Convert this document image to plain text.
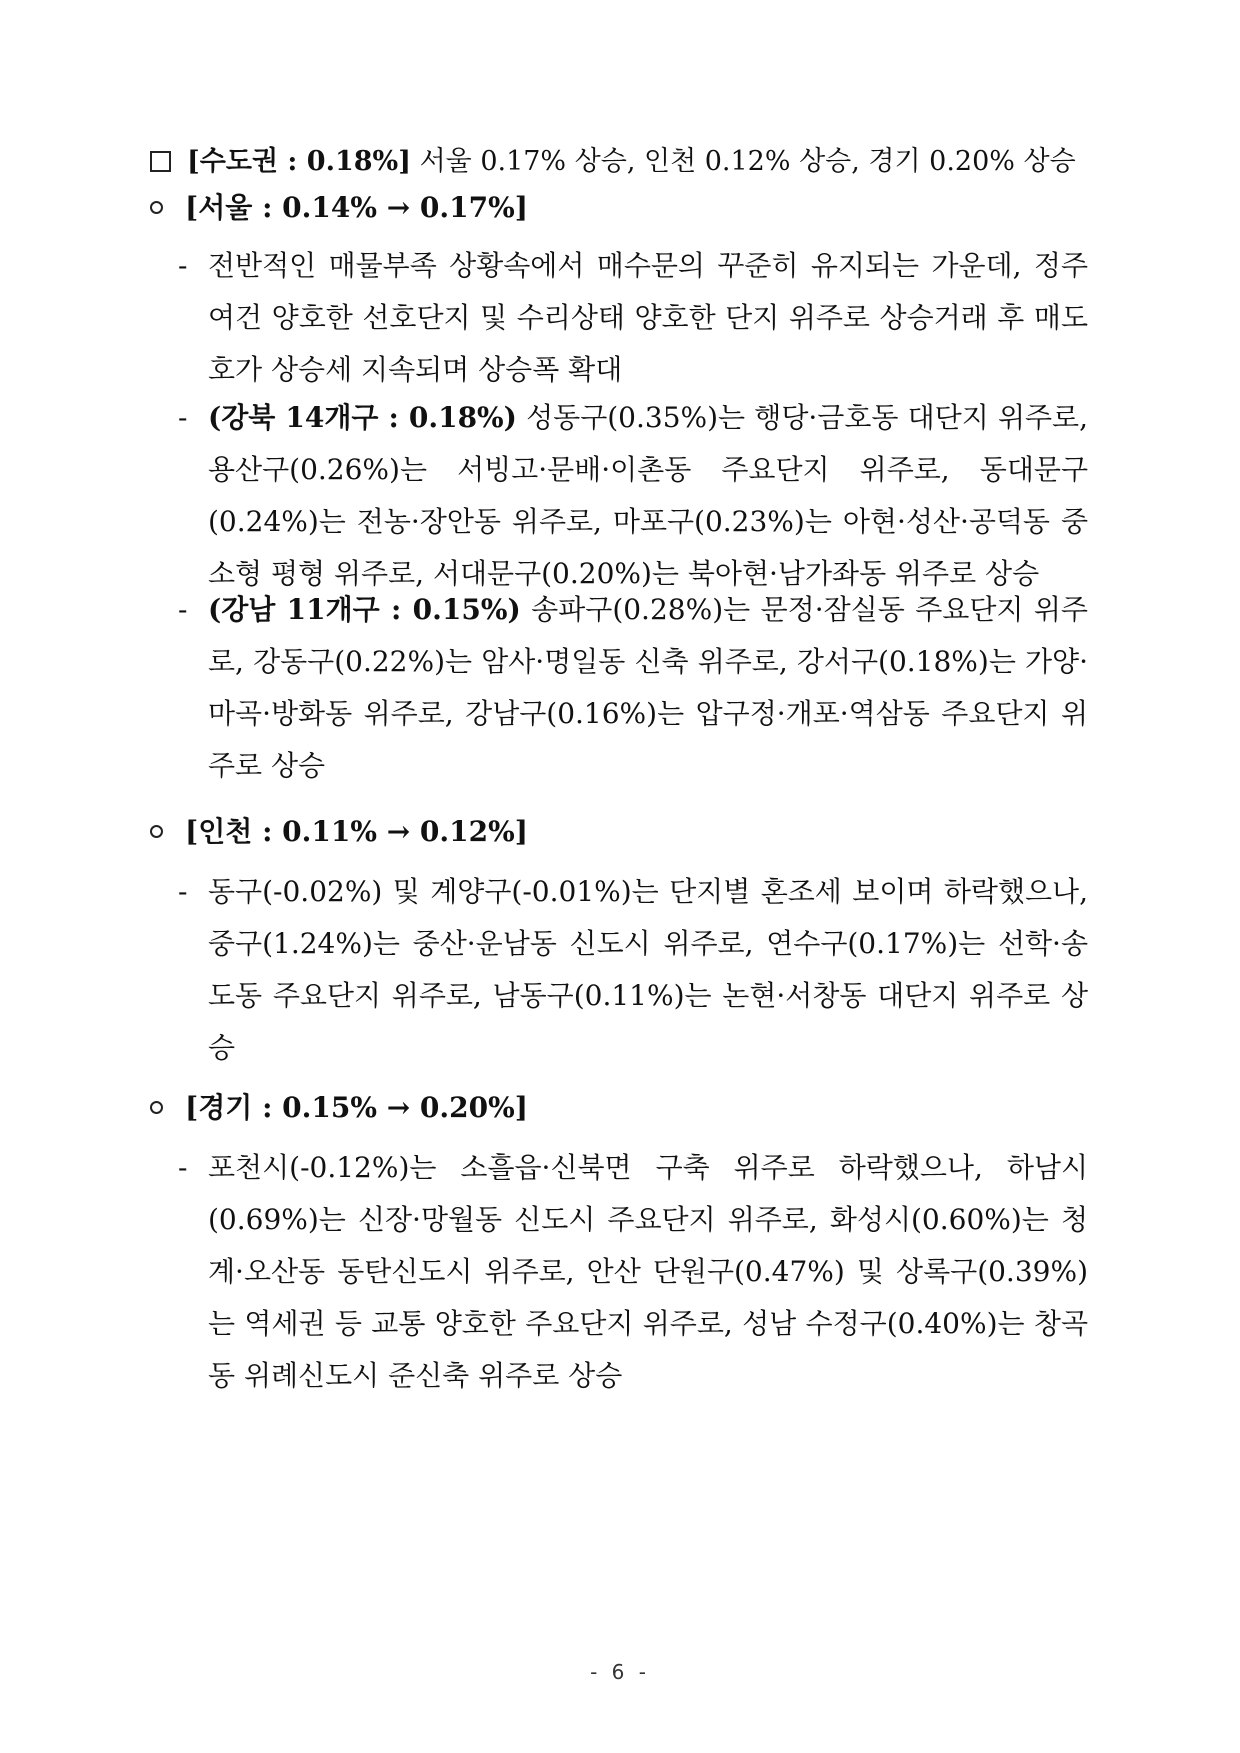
[수도권 : 0.18%] 서울 0.17% 상승, 인천 0.12% 상승, 경기 0.20% 상승
[서울 : 0.14% → 0.17%]
- 전반적인 매물부족 상황속에서 매수문의 꾸준히 유지되는 가운데, 정주여건 양호한 선호단지 및 수리상태 양호한 단지 위주로 상승거래 후 매도호가 상승세 지속되며 상승폭 확대
- (강북 14개구 : 0.18%) 성동구(0.35%)는 행당·금호동 대단지 위주로, 용산구(0.26%)는 서빙고·문배·이촌동 주요단지 위주로, 동대문구(0.24%)는 전농·장안동 위주로, 마포구(0.23%)는 아현·성산·공덕동 중소형 평형 위주로, 서대문구(0.20%)는 북아현·남가좌동 위주로 상승
- (강남 11개구 : 0.15%) 송파구(0.28%)는 문정·잠실동 주요단지 위주로, 강동구(0.22%)는 암사·명일동 신축 위주로, 강서구(0.18%)는 가양·마곡·방화동 위주로, 강남구(0.16%)는 압구정·개포·역삼동 주요단지 위주로 상승
[인천 : 0.11% → 0.12%]
- 동구(-0.02%) 및 계양구(-0.01%)는 단지별 혼조세 보이며 하락했으나, 중구(1.24%)는 중산·운남동 신도시 위주로, 연수구(0.17%)는 선학·송도동 주요단지 위주로, 남동구(0.11%)는 논현·서창동 대단지 위주로 상승
[경기 : 0.15% → 0.20%]
- 포천시(-0.12%)는 소흘읍·신북면 구축 위주로 하락했으나, 하남시(0.69%)는 신장·망월동 신도시 주요단지 위주로, 화성시(0.60%)는 청계·오산동 동탄신도시 위주로, 안산 단원구(0.47%) 및 상록구(0.39%)는 역세권 등 교통 양호한 주요단지 위주로, 성남 수정구(0.40%)는 창곡동 위례신도시 준신축 위주로 상승
- 6 -
